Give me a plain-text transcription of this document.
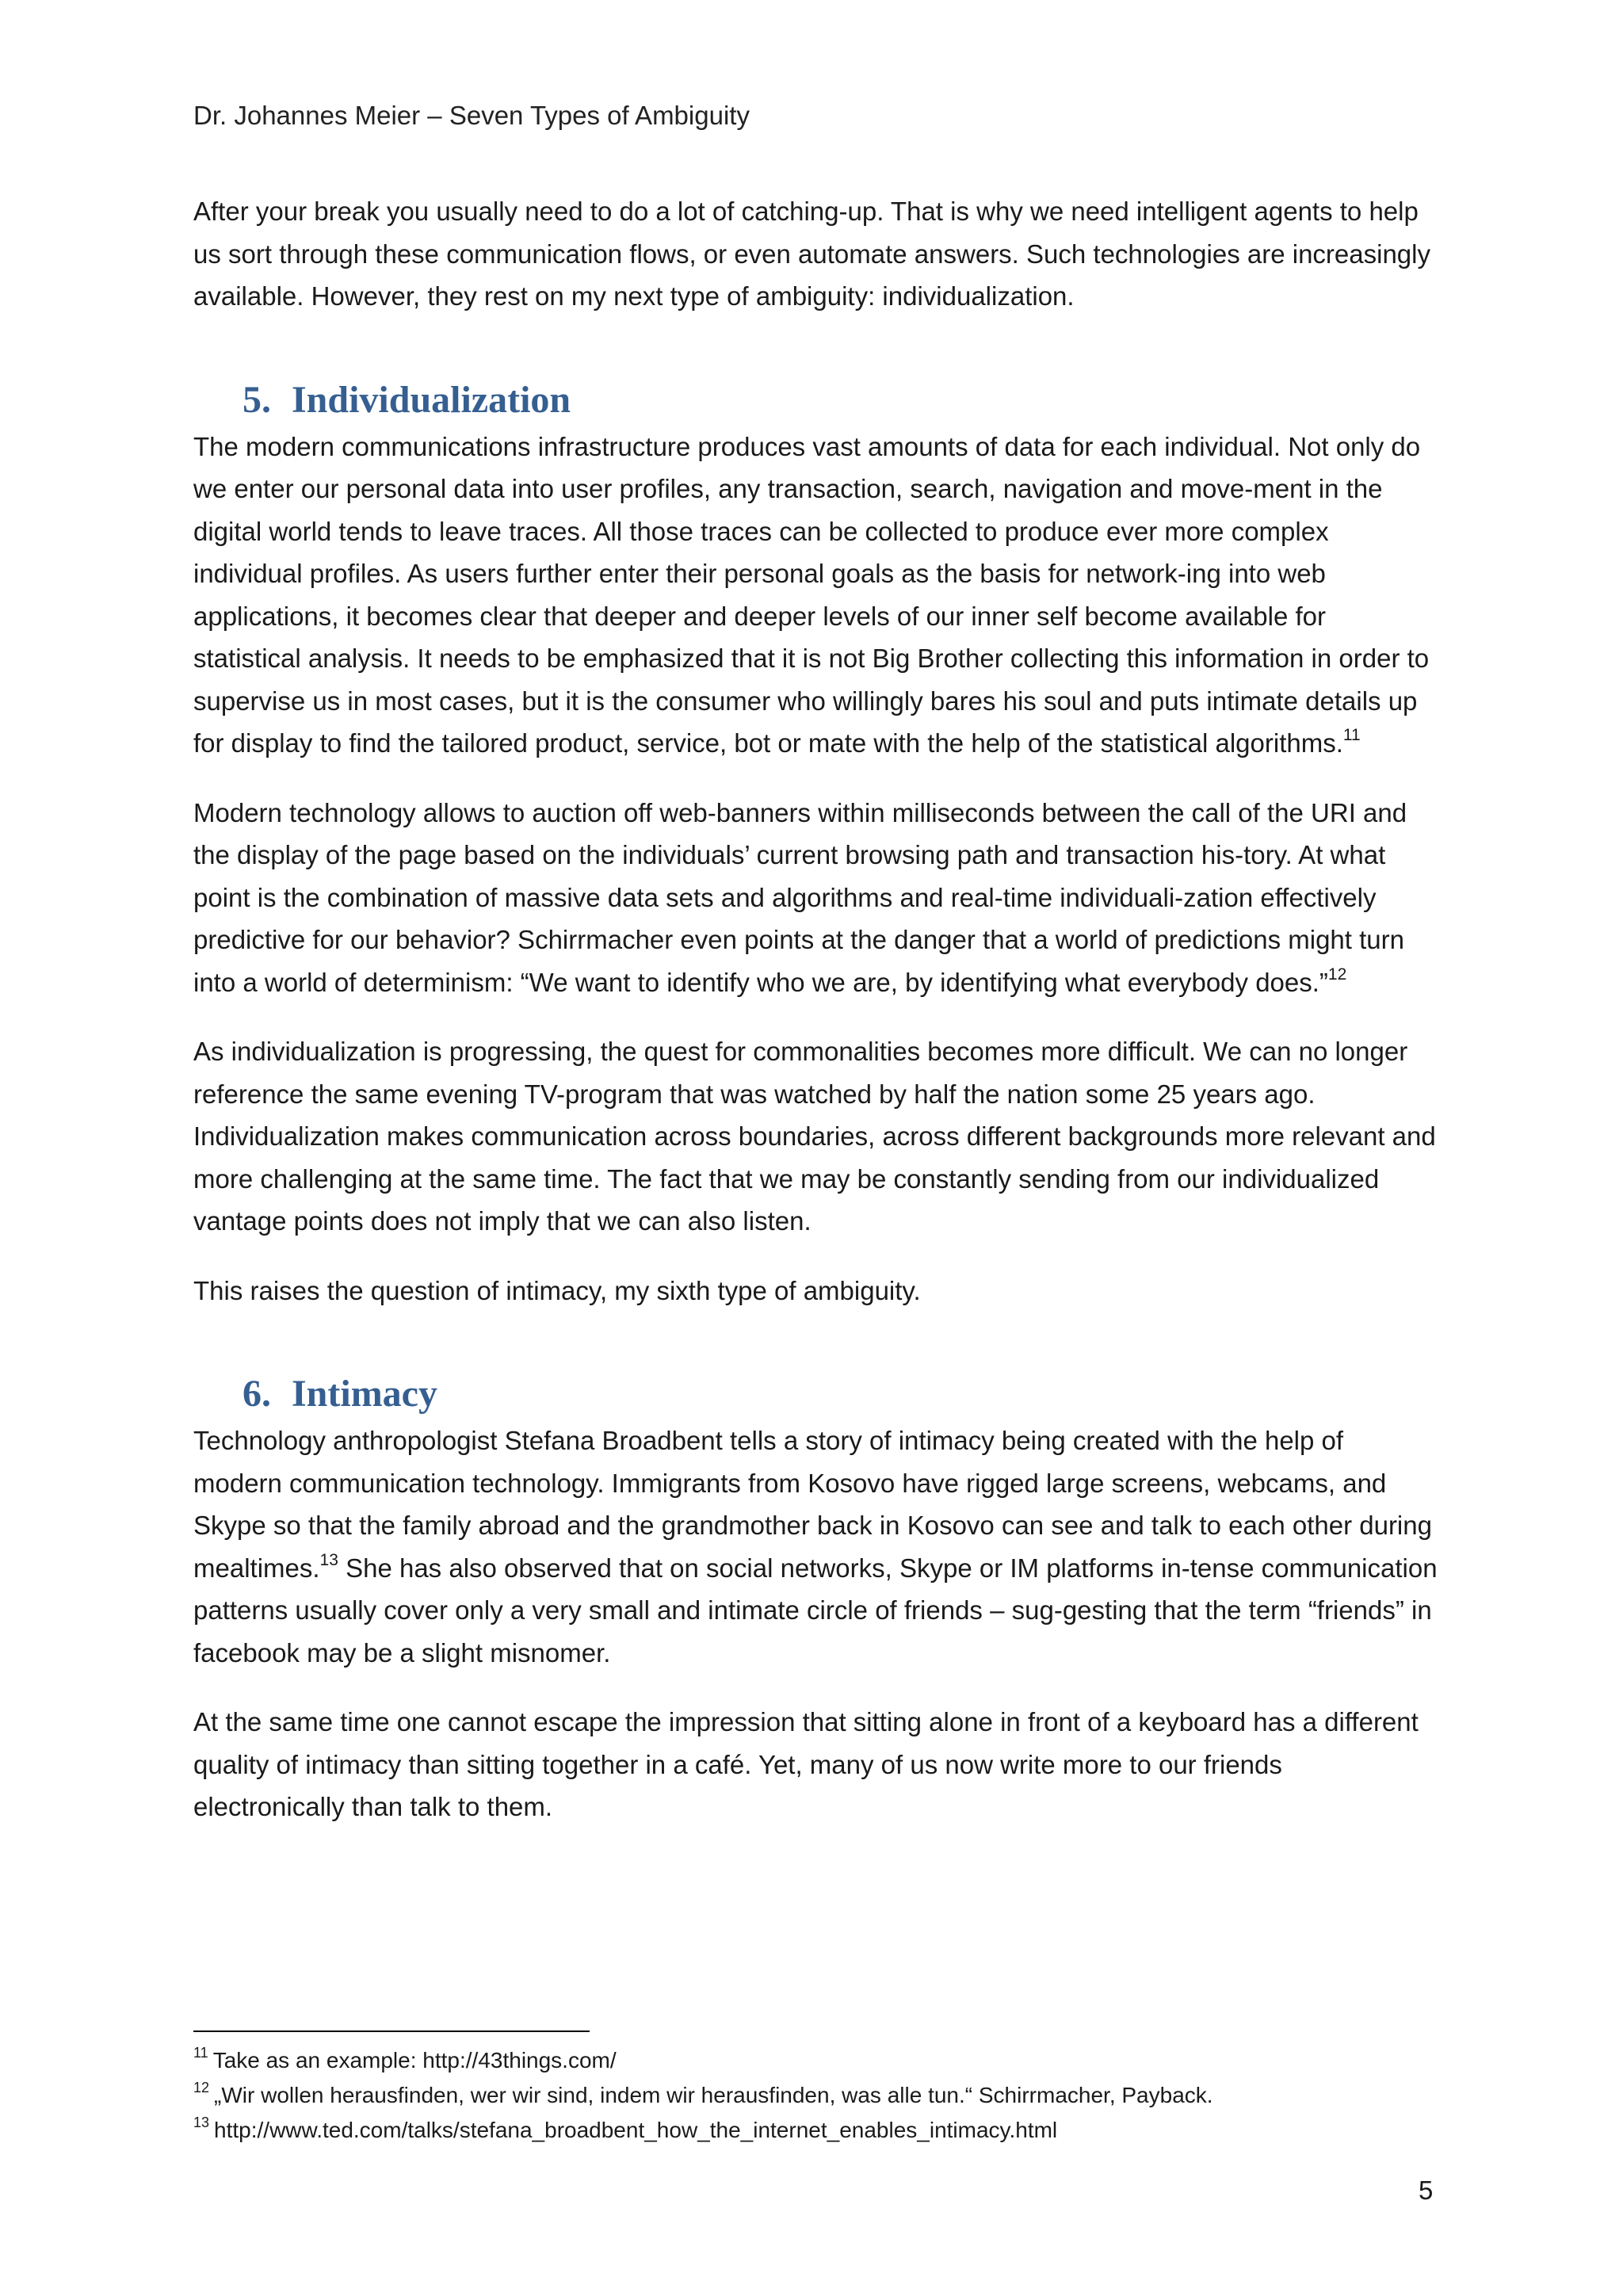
Dr. Johannes Meier – Seven Types of Ambiguity

After your break you usually need to do a lot of catching-up. That is why we need intelligent agents to help us sort through these communication flows, or even automate answers. Such technologies are increasingly available. However, they rest on my next type of ambiguity: individualization.

5. Individualization

The modern communications infrastructure produces vast amounts of data for each individual. Not only do we enter our personal data into user profiles, any transaction, search, navigation and move-ment in the digital world tends to leave traces. All those traces can be collected to produce ever more complex individual profiles. As users further enter their personal goals as the basis for network-ing into web applications, it becomes clear that deeper and deeper levels of our inner self become available for statistical analysis. It needs to be emphasized that it is not Big Brother collecting this information in order to supervise us in most cases, but it is the consumer who willingly bares his soul and puts intimate details up for display to find the tailored product, service, bot or mate with the help of the statistical algorithms.$^{11}$

Modern technology allows to auction off web-banners within milliseconds between the call of the URI and the display of the page based on the individuals’ current browsing path and transaction his-tory. At what point is the combination of massive data sets and algorithms and real-time individuali-zation effectively predictive for our behavior? Schirrmacher even points at the danger that a world of predictions might turn into a world of determinism: “We want to identify who we are, by identifying what everybody does.”$^{12}$

As individualization is progressing, the quest for commonalities becomes more difficult. We can no longer reference the same evening TV-program that was watched by half the nation some 25 years ago. Individualization makes communication across boundaries, across different backgrounds more relevant and more challenging at the same time. The fact that we may be constantly sending from our individualized vantage points does not imply that we can also listen.

This raises the question of intimacy, my sixth type of ambiguity.

6. Intimacy

Technology anthropologist Stefana Broadbent tells a story of intimacy being created with the help of modern communication technology. Immigrants from Kosovo have rigged large screens, webcams, and Skype so that the family abroad and the grandmother back in Kosovo can see and talk to each other during mealtimes.$^{13}$ She has also observed that on social networks, Skype or IM platforms in-tense communication patterns usually cover only a very small and intimate circle of friends – sug-gesting that the term “friends” in facebook may be a slight misnomer.

At the same time one cannot escape the impression that sitting alone in front of a keyboard has a different quality of intimacy than sitting together in a café. Yet, many of us now write more to our friends electronically than talk to them.

$^{11}$ Take as an example: http://43things.com/
$^{12}$ „Wir wollen herausfinden, wer wir sind, indem wir herausfinden, was alle tun.“ Schirrmacher, Payback.
$^{13}$ http://www.ted.com/talks/stefana_broadbent_how_the_internet_enables_intimacy.html
5
